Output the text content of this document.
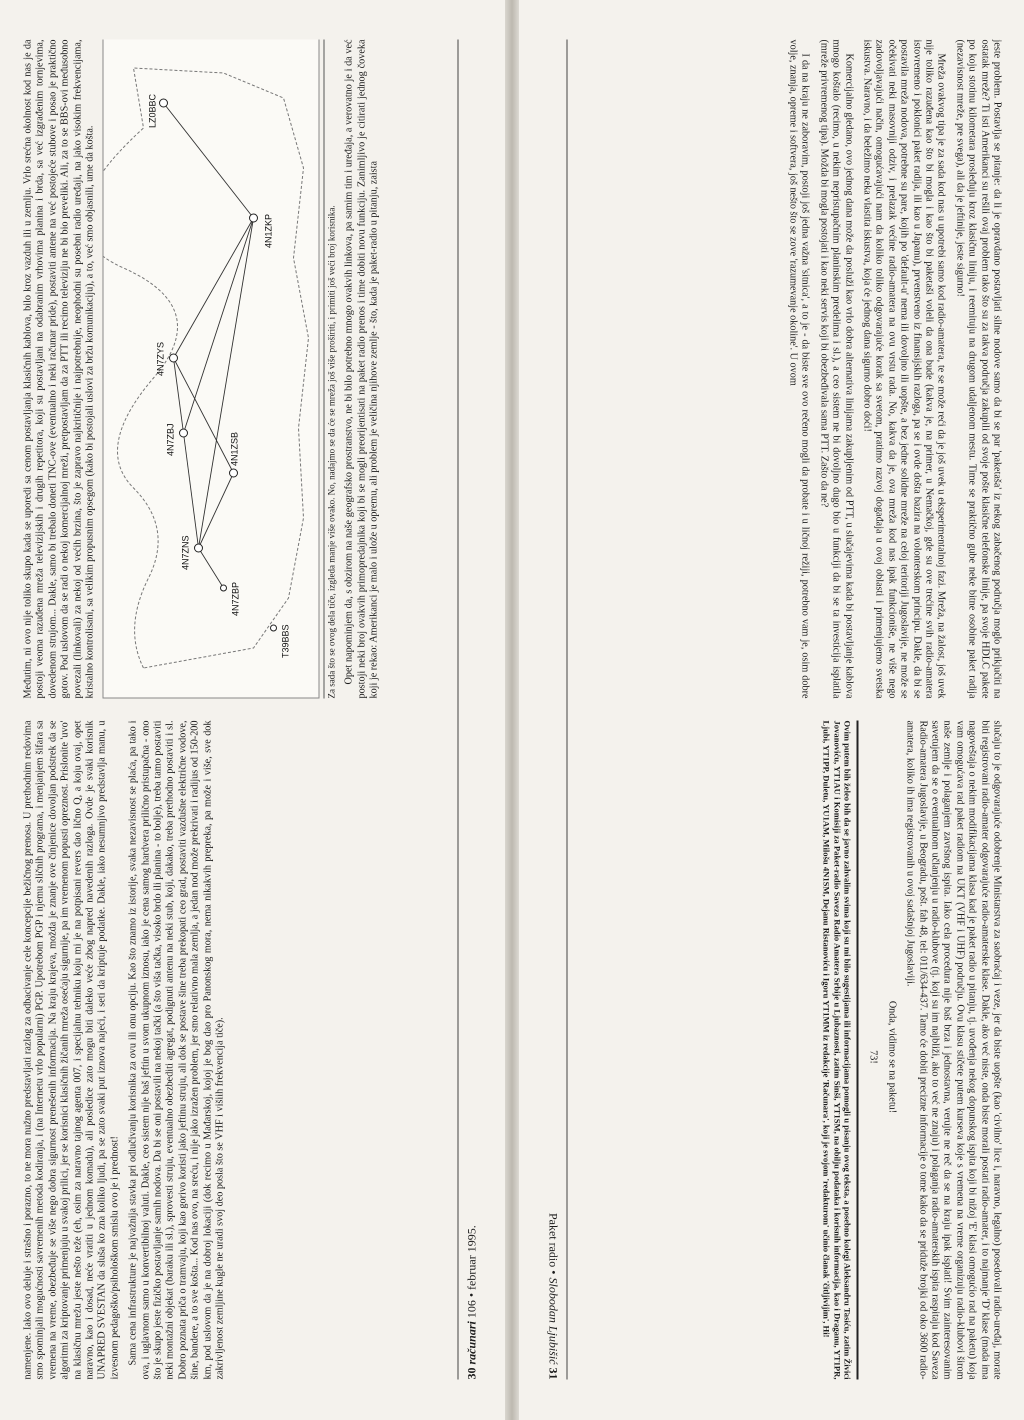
namenjene. Iako ovo deluje i strašno i porazno, to ne mora nužno predstavljati razlog za odbacivanje cele koncepcije bežičnog prenosa. U prethodnim redovima smo spominjali mogućnosti savremenih metoda kodiranja, i (na Internetu vrlo popularni) PGP. Upotrebom PGP i njemu sličnih programa, i menjanjem šifara sa vremena na vreme, obezbeđuje se više nego dobra sigurnost prenešenih informacija. Na kraju krajeva, možda je znanje ove činjenice dovoljan podstrek da se algoritmi za kriptovanje primenjuju u svakoj prilici, jer se korisnici klasičnih žičanih mreža osećaju sigurnije, pa im vremenom popusti opreznost. Prislonite 'uvo' na klasičnu mrežu jeste nešto teže (eh, osim za naravno tajnog agenta 007, i specijalnu tehniku koju mi je na potpisani revers dao lično Q, a koju ovaj, opet naravno, kao i dosad, neće vratiti u jednom komadu), ali posledice zato mogu biti daleko veće zbog napred navedenih razloga. Ovde je svaki korisnik UNAPRED SVESTAN da sluša ko zna koliko ljudi, pa se zato svaki put iznova najeći, i seti da kriptuje podatke. Dakle, iako nesumnjivo predstavlja manu, u izvesnom pedagoško/psihološkom smislu ovo je i prednost! Sama cena infrastrukture je najvažnija stavka pri odlučivanju korisnika za ovu ili onu opciju. Kao što znamo iz istorije, svaka nezavisnost se plaća, pa tako i ova, i uglavnom samo u konvertibilnoj valuti. Dakle, ceo sistem nije baš jeftin u svom ukupnom iznosu, iako je cena samog hardvera prilično pristupačna - ono što je skupo jeste fizičko postavljanje samih nodova. Da bi se oni postavili na nekoj tački (a što viša tačka, visoko brdo ili planina - to bolje), treba tamo postaviti neki montažni objekat (baraku ili sl.), sprovesti struju, eventualno obezbediti agregat, podignuti antenu na neki stub, koji, dakako, treba prethodno postaviti i sl. Dobro poznata priča o tramvaju, koji kao gorivo koristi jako jeftinu struju, ali dok se postave šine treba prekopati ceo grad, postaviti vazdušne električne vodove, šine, bandere, a to sve košta... Kod nas ovo, na sreću, i nije jako izražen problem, jer smo relativno mala zemlja, a jedan nod može prekrivati i radijus od 150-200 km, pod uslovom da je na dobroj lokaciji (dok recimo u Mađarskoj, kojoj je bog dao pro Panonskog mora, nema nikakvih prepreka, pa može i više, sve dok zakrivljenost zemljine kugle ne uradi svoj deo posla što se VHF i višiih frekvencija tiče).

Međutim, ni ovo nije toliko skupo kada se uporedi sa cenom postavljanja klasičnih kablova, bilo kroz vazduh ili u zemlju. Vrlo srećna okolnost kod nas je da postoji veoma razuđena mreža televizijskih i drugih repetitora, koji su postavljani na odabranim vrhovima planina i brda, sa već izgrađenim tornjevima, dovedenom strujom... Dakle, samo bi trebalo doneti TNC-ove (eventualno i neki računar pride), postaviti antene na već postojeće stubove i posao je praktično gotov. Pod uslovom da se radi o nekoj komercijalnoj mreži, pretpostavljam da za PTT ili recimo televiziju ne bi bio preveliki. Ali, za to se BBS-ovi međusobno povezali (linkovali) za nekoj od većih brzina, što je zapravo najkritičnije i najpotrebnije, neophodni su posebni radio uređaji, na jako visokim frekvencijama, kristalno kontrolisani, sa velikim propusnim opsegom (kako bi postojali uslovi za bržu komunikaciju), a to, već smo objasnili, ume da košta.	4N7ZNS
4N7ZBJ
4N7ZBP
4N1ZSB
4N7ZYS
4N1ZKP
LZ0BBC
T39BBS	Za sada što se ovog dela tiče, izgleda manje više ovako. No, nadajmo se da će se mreža još više proširiti, i primiti još veći broj korisnika. Opet napominjem da, s obzirom na naše geografsko prostranstvo, ne bi bilo potrebno mnogo ovakvih linkova, pa samim tim i uređaja, a verovatno je i da već postoji neki broj ovakvih primopredajnika koji bi se mogli preorijentisati na paket radio prenos i time dobiti novu funkciju. Zanimljivo je citirati jednog čoveka koji je rekao: Amerikanci je malo i ulože u opremu, ali problem je veličina njihove zemlje - što, kada je paket-radio u pitanju, zaista

30 računari 106 • februar 1995.

jeste problem. Postavlja se pitanje: da li je opravdano postavljati silne nodove samo da bi se par 'paketaša' iz nekog zabačenog područja moglo prikjučiti na ostatak mreže? Ti isti Amerikanci su rešili ovaj problem tako što su za takva područja zakupili od svoje pošte klasične telefonske linije, pa svoje HDLC pakete po koju stotinu kilometara prosleđuju kroz klasičnu liniju, i reemituju na drugom udaljenom mestu. Time se praktično gube neke bitne osobine paket radija (nezavisnost mreže, pre svega), ali da je jeftinije, jeste sigurno!

Mreža ovakvog tipa je za sada kod nas u upotrebi samo kod radio-amatera, te se može reći da je još uvek u eksperimentalnoj fazi. Mreža, na žalost, još uvek nije toliko razuđena kao što bi mogla i kao što bi paketaši voleli da ona bude (kakva je, na primer, u Nemačkoj, gde su ove trećine svih radio-amatera istovremeno i poklonici paket radija, ili kao u Japanu), prvenstveno iz finansijskih razloga, pa se i ovde došta bazira na volonterskom principu. Dakle, da bi se postavila mreža nodova, potrebne su pare, kojih po 'default-u' nema ili dovoljno ili uopšte, a bez jedne solidne mreže na celoj teritoriji Jugoslavije, ne može se očekivati neki masovniji odziv, i prelazak većine radio-amatera na ovu vrstu rada. No, kakva da je, ova mreža kod nas ipak funkcioniše, ne više nego zadovoljavajući način, omogućavajući nam da koliko toliko odgovarajuće korak sa svetom, pratimo razvoj događaja u ovoj oblasti i primenjujemo svetska iskustva. Naravno, i da beležimo neka vlastita iskustva, koja će jednog dana sigurno dobro doći!

Komercijalno gledano, ovo jednog dana može da posluži kao vrlo dobra alternativa linijama zakupljenim od PTT, u slučajevima kada bi postavljanje kablova mnogo koštalo (recimo, u nekim nepristupačnim planinskim predelima i sl.), a ceo sistem ne bi dovoljno dugo bio u funkciji da bi se ta investicija isplatila (mreže privremenog tipa). Možda bi mogla postojati i kao neki servis koji bi obezbeđivala sama PTT. Zašto da ne?

I da na kraju ne zaboravim, postoji još jedna važna 'sitnica', a to je - da biste sve ovo rečeno mogli da probate i u ličnoj režiji, potrebno vam je, osim dobre volje, znanja, opreme i softvera, još nešto što se zove 'razumevanje okoline'. U ovom

slučaju to je odgovarajuće odobrenje Ministarstva za saobraćaj i veze, jer da biste uopšte (kao 'civilno' lice i, naravno, legalno) posedovali radio-uređaj, morate biti registrovani radio-amater odgovarajuće radio-amaterske klase. Dakle, ako već niste, onda biste morali postati radio-amater, i to najmanje 'D' klase (mada ima nagoveštaja o nekim modifikacijama klasa kad je paket radio u pitanju, tj. uvođenja nekog dopunskog ispita koji bi nižoj 'E' klasi omogućio rad na paketu) koja vam omogućava rad paket radiom na UKT (VHF i UHF) području. Ovu klasu stičete putem kurseva koje s vremena na vreme organizuju radio-klubovi širom naše zemlje i polaganjem završnog ispita. Iako cela procedura nije baš brza i jednostavna, verujte ne reč da se na kraju ipak isplati! Svim zainteresovanim savetujem da se o eventualnom učlanjenju u radio-klubove (tj. koji su im najbliži, ako to već ne znaju) i polaganja radio-amaterskih ispita raspitaju kod Saveza Radio-amatera Jugoslavije, u Beogradu, pošt. fah 48, tel: 011/634-437. Tamo će dobiti precizne informacije o tome kako da se priduže brojki od oko 3600 radio-amatera, koliko ih ima registrovanih u ovoj sadašnjoj Jugoslaviji.

Onda, vidimo se na paketu!

73!

Ovim putem bih želeo bih da se javno zahvalim svima koji su mi bilo sugestijama ili informacijama pomogli u pisanju ovog teksta, a posebno kolegi Aleksandru Tasiću, zatim Živici Jovanoviću, YT1AU i Komisiji za Paket-radio Saveza Radio Amatera Srbije u Ljubaznosti, zatim Sinši, YT1SM, na obilju podataka i korisnih informacija, kao i Draganu, YT1PR, Ljubi, YT1PP, Duletu, YU1AM, Milošu 4N1SM, Dejanu Ristanoviću i Igoru YT1MM iz redakcije 'Računara', koji je svojom 'redakturom' učinio članak 'čitljivijim', Hi!
Paket radio • Slobodan Ljubišić 31
